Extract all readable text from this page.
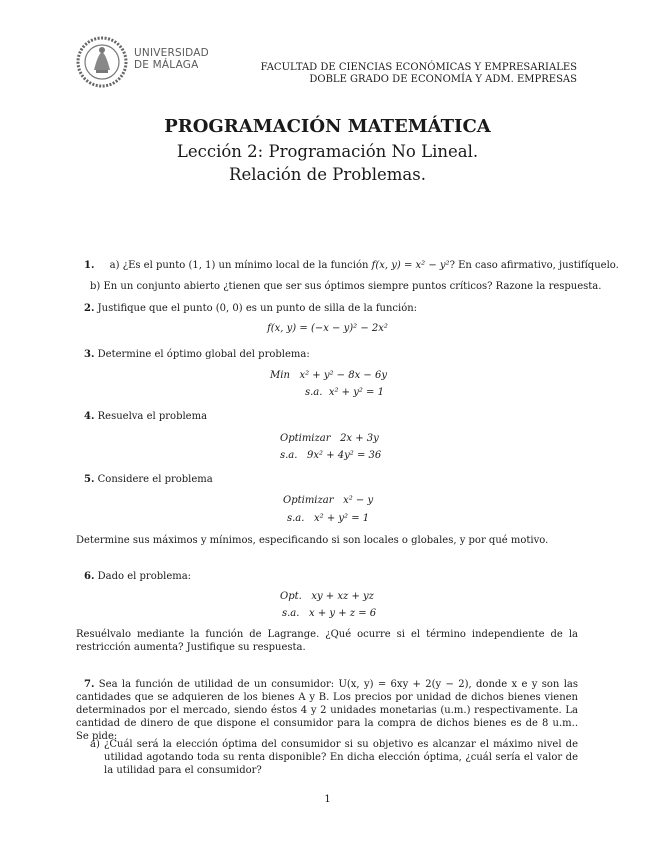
UNIVERSIDAD
DE MÁLAGA	FACULTAD DE CIENCIAS ECONÓMICAS Y EMPRESARIALES
DOBLE GRADO DE ECONOMÍA Y ADM. EMPRESAS
PROGRAMACIÓN MATEMÁTICA
Lección 2: Programación No Lineal.
Relación de Problemas.
1. a) ¿Es el punto (1, 1) un mínimo local de la función f(x, y) = x² − y²? En caso afirmativo, justifíquelo.
b) En un conjunto abierto ¿tienen que ser sus óptimos siempre puntos críticos? Razone la respuesta.
2. Justifique que el punto (0, 0) es un punto de silla de la función:
f(x, y) = (−x − y)² − 2x²
3. Determine el óptimo global del problema:
Min x² + y² − 8x − 6y
s.a. x² + y² = 1
4. Resuelva el problema
Optimizar 2x + 3y
s.a. 9x² + 4y² = 36
5. Considere el problema
Optimizar x² − y
s.a. x² + y² = 1
Determine sus máximos y mínimos, especificando si son locales o globales, y por qué motivo.
6. Dado el problema:
Opt. xy + xz + yz
s.a. x + y + z = 6
Resuélvalo mediante la función de Lagrange. ¿Qué ocurre si el término independiente de la restricción aumenta? Justifique su respuesta.
7. Sea la función de utilidad de un consumidor: U(x, y) = 6xy + 2(y − 2), donde x e y son las cantidades que se adquieren de los bienes A y B. Los precios por unidad de dichos bienes vienen determinados por el mercado, siendo éstos 4 y 2 unidades monetarias (u.m.) respectivamente. La cantidad de dinero de que dispone el consumidor para la compra de dichos bienes es de 8 u.m.. Se pide:
a) ¿Cuál será la elección óptima del consumidor si su objetivo es alcanzar el máximo nivel de utilidad agotando toda su renta disponible? En dicha elección óptima, ¿cuál sería el valor de la utilidad para el consumidor?
1
